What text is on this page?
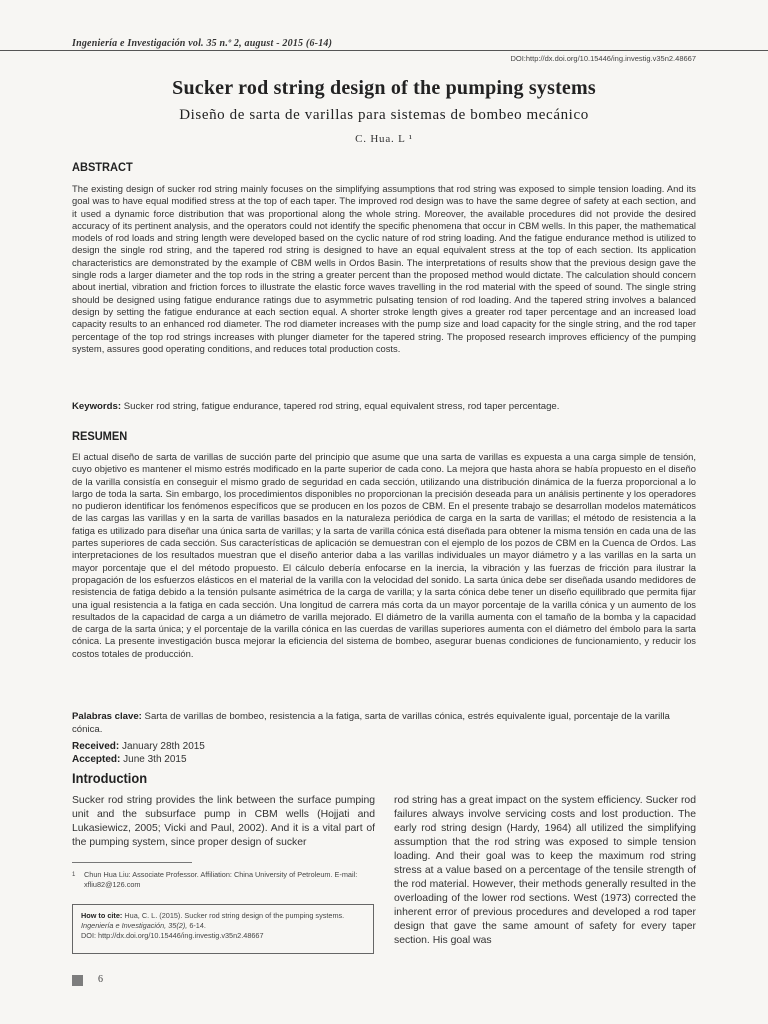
Ingeniería e Investigación vol. 35 n.º 2, august - 2015 (6-14)
DOI:http://dx.doi.org/10.15446/ing.investig.v35n2.48667
Sucker rod string design of the pumping systems
Diseño de sarta de varillas para sistemas de bombeo mecánico
C. Hua. L ¹
ABSTRACT
The existing design of sucker rod string mainly focuses on the simplifying assumptions that rod string was exposed to simple tension loading. And its goal was to have equal modified stress at the top of each taper. The improved rod design was to have the same degree of safety at each section, and it used a dynamic force distribution that was proportional along the whole string. Moreover, the available procedures did not provide the desired accuracy of its pertinent analysis, and the operators could not identify the specific phenomena that occur in CBM wells. In this paper, the mathematical models of rod loads and string length were developed based on the cyclic nature of rod string loading. And the fatigue endurance method is utilized to design the single rod string, and the tapered rod string is designed to have an equal equivalent stress at the top of each section. Its application characteristics are demonstrated by the example of CBM wells in Ordos Basin. The interpretations of results show that the previous design gave the single rods a larger diameter and the top rods in the string a greater percent than the proposed method would dictate. The calculation should concern about inertial, vibration and friction forces to illustrate the elastic force waves travelling in the rod material with the speed of sound. The single string should be designed using fatigue endurance ratings due to asymmetric pulsating tension of rod loading. And the tapered string involves a balanced design by setting the fatigue endurance at each section equal. A shorter stroke length gives a greater rod taper percentage and an increased load capacity results to an enhanced rod diameter. The rod diameter increases with the pump size and load capacity for the single string, and the rod taper percentage of the top rod strings increases with plunger diameter for the tapered string. The proposed research improves efficiency of the pumping system, assures good operating conditions, and reduces total production costs.
Keywords: Sucker rod string, fatigue endurance, tapered rod string, equal equivalent stress, rod taper percentage.
RESUMEN
El actual diseño de sarta de varillas de succión parte del principio que asume que una sarta de varillas es expuesta a una carga simple de tensión, cuyo objetivo es mantener el mismo estrés modificado en la parte superior de cada cono. La mejora que hasta ahora se había propuesto en el diseño de la varilla consistía en conseguir el mismo grado de seguridad en cada sección, utilizando una distribución dinámica de la fuerza proporcional a lo largo de toda la sarta. Sin embargo, los procedimientos disponibles no proporcionan la precisión deseada para un análisis pertinente y los operadores no pudieron identificar los fenómenos específicos que se producen en los pozos de CBM. En el presente trabajo se desarrollan modelos matemáticos de las cargas las varillas y en la sarta de varillas basados en la naturaleza periódica de carga en la sarta de varillas; el método de resistencia a la fatiga es utilizado para diseñar una única sarta de varillas; y la sarta de varilla cónica está diseñada para obtener la misma tensión en cada una de las partes superiores de cada sección. Sus características de aplicación se demuestran con el ejemplo de los pozos de CBM en la Cuenca de Ordos. Las interpretaciones de los resultados muestran que el diseño anterior daba a las varillas individuales un mayor diámetro y a las varillas en la sarta un mayor porcentaje que el del método propuesto. El cálculo debería enfocarse en la inercia, la vibración y las fuerzas de fricción para ilustrar la propagación de los esfuerzos elásticos en el material de la varilla con la velocidad del sonido. La sarta única debe ser diseñada usando medidores de resistencia de fatiga debido a la tensión pulsante asimétrica de la carga de varilla; y la sarta cónica debe tener un diseño equilibrado que permita fijar una igual resistencia a la fatiga en cada sección. Una longitud de carrera más corta da un mayor porcentaje de la varilla cónica y un aumento de los resultados de la capacidad de carga a un diámetro de varilla mejorado. El diámetro de la varilla aumenta con el tamaño de la bomba y la capacidad de carga de la sarta única; y el porcentaje de la varilla cónica en las cuerdas de varillas superiores aumenta con el diámetro del émbolo para la sarta cónica. La presente investigación busca mejorar la eficiencia del sistema de bombeo, asegurar buenas condiciones de funcionamiento, y reducir los costos totales de producción.
Palabras clave: Sarta de varillas de bombeo, resistencia a la fatiga, sarta de varillas cónica, estrés equivalente igual, porcentaje de la varilla cónica.
Received: January 28th 2015
Accepted: June 3th 2015
Introduction
Sucker rod string provides the link between the surface pumping unit and the subsurface pump in CBM wells (Hojjati and Lukasiewicz, 2005; Vicki and Paul, 2002). And it is a vital part of the pumping system, since proper design of sucker
rod string has a great impact on the system efficiency. Sucker rod failures always involve servicing costs and lost production. The early rod string design (Hardy, 1964) all utilized the simplifying assumption that the rod string was exposed to simple tension loading. And their goal was to keep the maximum rod string stress at a value based on a percentage of the tensile strength of the rod material. However, their methods generally resulted in the overloading of the lower rod sections. West (1973) corrected the inherent error of previous procedures and developed a rod taper design that gave the same amount of safety for every taper section. His goal was
1 Chun Hua Liu: Associate Professor. Affiliation: China University of Petroleum. E-mail: xfliu82@126.com
How to cite: Hua, C. L. (2015). Sucker rod string design of the pumping systems. Ingeniería e Investigación, 35(2), 6-14.
DOI: http://dx.doi.org/10.15446/ing.investig.v35n2.48667
6
